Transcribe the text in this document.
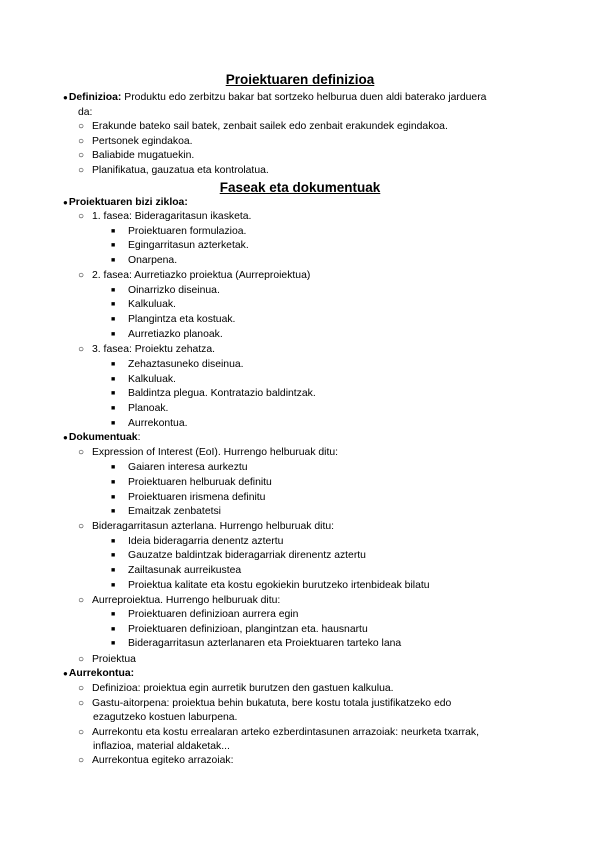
Proiektuaren definizioa
●Definizioa: Produktu edo zerbitzu bakar bat sortzeko helburua duen aldi baterako jarduera
da:
○ Erakunde bateko sail batek, zenbait sailek edo zenbait erakundek egindakoa.
○ Pertsonek egindakoa.
○ Baliabide mugatuekin.
○ Planifikatua, gauzatua eta kontrolatua.
Faseak eta dokumentuak
●Proiektuaren bizi zikloa:
○ 1. fasea: Bideragaritasun ikasketa.
■ Proiektuaren formulazioa.
■ Egingarritasun azterketak.
■ Onarpena.
○ 2. fasea: Aurretiazko proiektua (Aurreproiektua)
■ Oinarrizko diseinua.
■ Kalkuluak.
■ Plangintza eta kostuak.
■ Aurretiazko planoak.
○ 3. fasea: Proiektu zehatza.
■ Zehaztasuneko diseinua.
■ Kalkuluak.
■ Baldintza plegua. Kontratazio baldintzak.
■ Planoak.
■ Aurrekontua.
●Dokumentuak:
○ Expression of Interest (EoI). Hurrengo helburuak ditu:
■ Gaiaren interesa aurkeztu
■ Proiektuaren helburuak definitu
■ Proiektuaren irismena definitu
■ Emaitzak zenbatetsi
○ Bideragarritasun azterlana. Hurrengo helburuak ditu:
■ Ideia bideragarria denentz aztertu
■ Gauzatze baldintzak bideragarriak direnentz aztertu
■ Zailtasunak aurreikustea
■ Proiektua kalitate eta kostu egokiekin burutzeko irtenbideak bilatu
○ Aurreproiektua. Hurrengo helburuak ditu:
■ Proiektuaren definizioan aurrera egin
■ Proiektuaren definizioan, plangintzan eta. hausnartu
■ Bideragarritasun azterlanaren eta Proiektuaren tarteko lana
○ Proiektua
●Aurrekontua:
○ Definizioa: proiektua egin aurretik burutzen den gastuen kalkulua.
○ Gastu-aitorpena: proiektua behin bukatuta, bere kostu totala justifikatzeko edo
ezagutzeko kostuen laburpena.
○ Aurrekontu eta kostu errealaran arteko ezberdintasunen arrazoiak: neurketa txarrak,
inflazioa, material aldaketak...
○ Aurrekontua egiteko arrazoiak:
